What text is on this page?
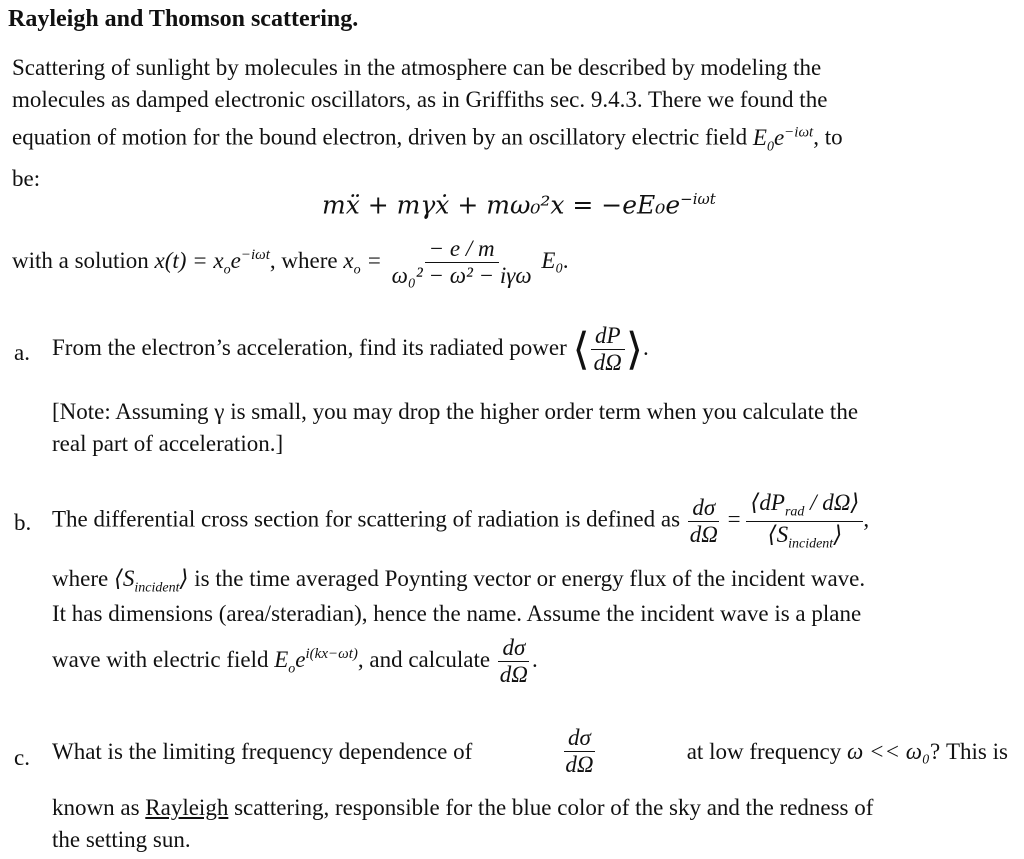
Rayleigh and Thomson scattering.
Scattering of sunlight by molecules in the atmosphere can be described by modeling the
molecules as damped electronic oscillators, as in Griffiths sec. 9.4.3. There we found the
equation of motion for the bound electron, driven by an oscillatory electric field $E_0e^{-i\omega t}$, to
be:
mẍ + mγẋ + $m\omega_0^2x = -eE_0e^{-i\omega t}$
with a solution $x(t) = x_oe^{-i\omega t}$, where $x_o = \frac{- e / m}{\text{ω₀² − ω² − iγω}} E_0$.
a. From the electron’s acceleration, find its radiated power ⟨ $\frac{dP}{d\Omega}$ ⟩.
[Note: Assuming γ is small, you may drop the higher order term when you calculate the
real part of acceleration.]
b. The differential cross section for scattering of radiation is defined as $\frac{d\sigma}{d\Omega} = \frac{⟨dP_{rad} / d\Omega⟩}{⟨S_{incident}⟩}$ ,
where $⟨S_{incident}⟩$ is the time averaged Poynting vector or energy flux of the incident wave.
It has dimensions (area/steradian), hence the name. Assume the incident wave is a plane
wave with electric field $E_oe^{i(kx-\omega t)}$, and calculate $\frac{d\sigma}{d\Omega}$ .
c. What is the limiting frequency dependence of	$\frac{d\sigma}{d\Omega}$	at low frequency ω << ω₀? This is
known as Rayleigh scattering, responsible for the blue color of the sky and the redness of
the setting sun.
